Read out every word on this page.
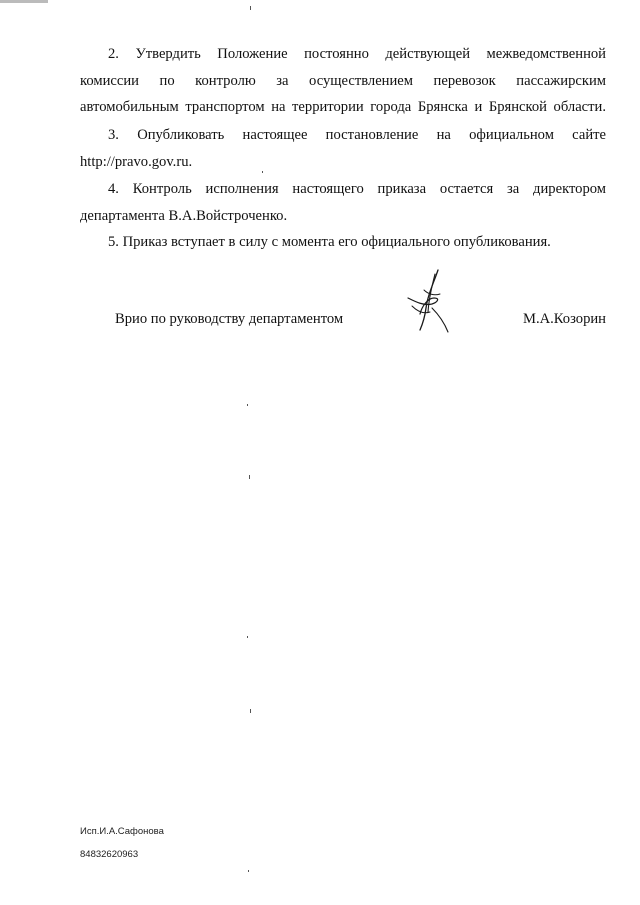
2. Утвердить Положение постоянно действующей межведомственной
комиссии по контролю за осуществлением перевозок пассажирским
автомобильным транспортом на территории города Брянска и Брянской области.
3. Опубликовать настоящее постановление на официальном сайте
http://pravo.gov.ru.
4. Контроль исполнения настоящего приказа остается за директором
департамента В.А.Войстроченко.
5. Приказ вступает в силу с момента его официального опубликования.
Врио по руководству департаментом	М.А.Козорин
Исп.И.А.Сафонова
84832620963
